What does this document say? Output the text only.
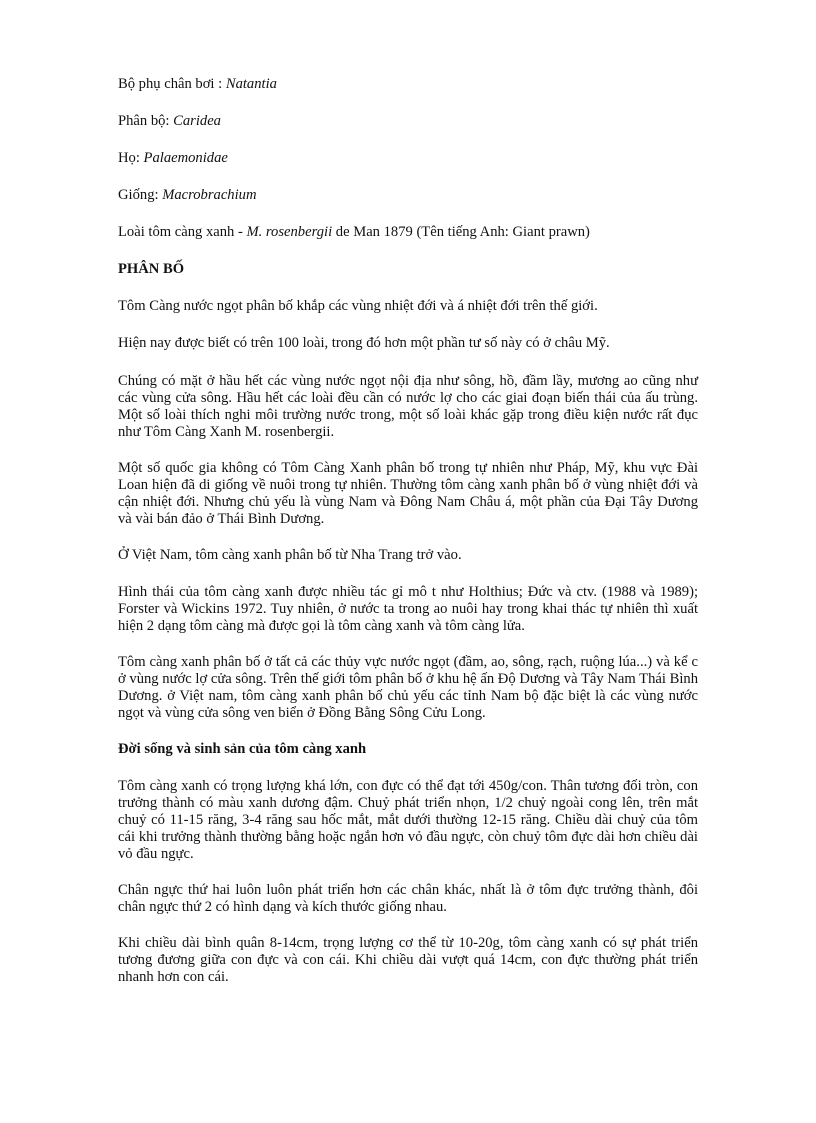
Bộ phụ chân bơi : Natantia

Phân bộ: Caridea

Họ: Palaemonidae

Giống: Macrobrachium

Loài tôm càng xanh - M. rosenbergii de Man 1879 (Tên tiếng Anh: Giant prawn)

PHÂN BỐ

Tôm Càng nước ngọt phân bố khắp các vùng nhiệt đới và á nhiệt đới trên thế giới.

Hiện nay được biết có trên 100 loài, trong đó hơn một phần tư số này có ở châu Mỹ.

Chúng có mặt ở hầu hết các vùng nước ngọt nội địa như sông, hồ, đầm lầy, mương ao cũng như các vùng cửa sông. Hầu hết các loài đều cần có nước lợ cho các giai đoạn biến thái của ấu trùng. Một số loài thích nghi môi trường nước trong, một số loài khác gặp trong điều kiện nước rất đục như Tôm Càng Xanh M. rosenbergii.

Một số quốc gia không có Tôm Càng Xanh phân bố trong tự nhiên như Pháp, Mỹ, khu vực Đài Loan hiện đã di giống về nuôi trong tự nhiên. Thường tôm càng xanh phân bố ở vùng nhiệt đới và cận nhiệt đới. Nhưng chủ yếu là vùng Nam và Đông Nam Châu á, một phần của Đại Tây Dương và vài bán đảo ở Thái Bình Dương.

Ở Việt Nam, tôm càng xanh phân bố từ Nha Trang trở vào.

Hình thái của tôm càng xanh được nhiều tác gỉ mô t như Holthius; Đức và ctv. (1988 và 1989); Forster và Wickins 1972. Tuy nhiên, ở nước ta trong ao nuôi hay trong khai thác tự nhiên thì xuất hiện 2 dạng tôm càng mà được gọi là tôm càng xanh và tôm càng lửa.

Tôm càng xanh phân bố ở tất cả các thủy vực nước ngọt (đầm, ao, sông, rạch, ruộng lúa...) và kể c ở vùng nước lợ cửa sông. Trên thế giới tôm phân bố ở khu hệ ấn Độ Dương và Tây Nam Thái Bình Dương. ở Việt nam, tôm càng xanh phân bố chủ yếu các tỉnh Nam bộ đặc biệt là các vùng nước ngọt và vùng cửa sông ven biển ở Đồng Bằng Sông Cửu Long.

Đời sống và sinh sản của tôm càng xanh

Tôm càng xanh có trọng lượng khá lớn, con đực có thể đạt tới 450g/con. Thân tương đối tròn, con trưởng thành có màu xanh dương đậm. Chuỷ phát triển nhọn, 1/2 chuỷ ngoài cong lên, trên mắt chuỷ có 11-15 răng, 3-4 răng sau hốc mắt, mắt dưới thường 12-15 răng. Chiều dài chuỷ của tôm cái khi trưởng thành thường bằng hoặc ngắn hơn vỏ đầu ngực, còn chuỷ tôm đực dài hơn chiều dài vỏ đầu ngực.

Chân ngực thứ hai luôn luôn phát triển hơn các chân khác, nhất là ở tôm đực trưởng thành, đôi chân ngực thứ 2 có hình dạng và kích thước giống nhau.

Khi chiều dài bình quân 8-14cm, trọng lượng cơ thể từ 10-20g, tôm càng xanh có sự phát triển tương đương giữa con đực và con cái. Khi chiều dài vượt quá 14cm, con đực thường phát triển nhanh hơn con cái.
